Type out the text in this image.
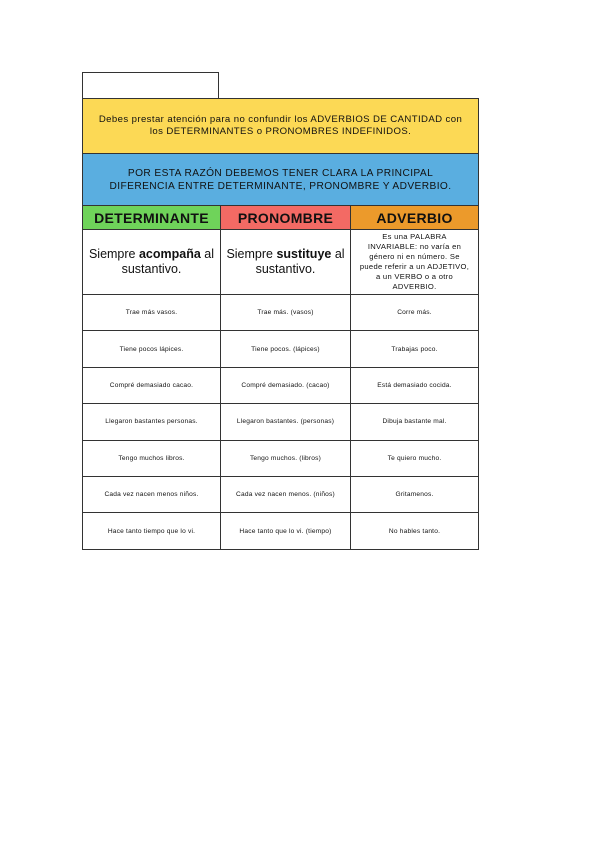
Debes prestar atención para no confundir los ADVERBIOS DE CANTIDAD con los DETERMINANTES o PRONOMBRES INDEFINIDOS.		
POR ESTA RAZÓN DEBEMOS TENER CLARA LA PRINCIPAL DIFERENCIA ENTRE DETERMINANTE, PRONOMBRE Y ADVERBIO.		
DETERMINANTE	PRONOMBRE	ADVERBIO
Siempre acompaña al sustantivo.	Siempre sustituye al sustantivo.	Es una PALABRA INVARIABLE: no varía en género ni en número. Se puede referir a un ADJETIVO, a un VERBO o a otro ADVERBIO.
Trae más vasos.	Trae más. (vasos)	Corre más.
Tiene pocos lápices.	Tiene pocos. (lápices)	Trabajas poco.
Compré demasiado cacao.	Compré demasiado. (cacao)	Está demasiado cocida.
Llegaron bastantes personas.	Llegaron bastantes. (personas)	Dibuja bastante mal.
Tengo muchos libros.	Tengo muchos. (libros)	Te quiero mucho.
Cada vez nacen menos niños.	Cada vez nacen menos. (niños)	Gritamenos.
Hace tanto tiempo que lo vi.	Hace tanto que lo vi. (tiempo)	No hables tanto.
